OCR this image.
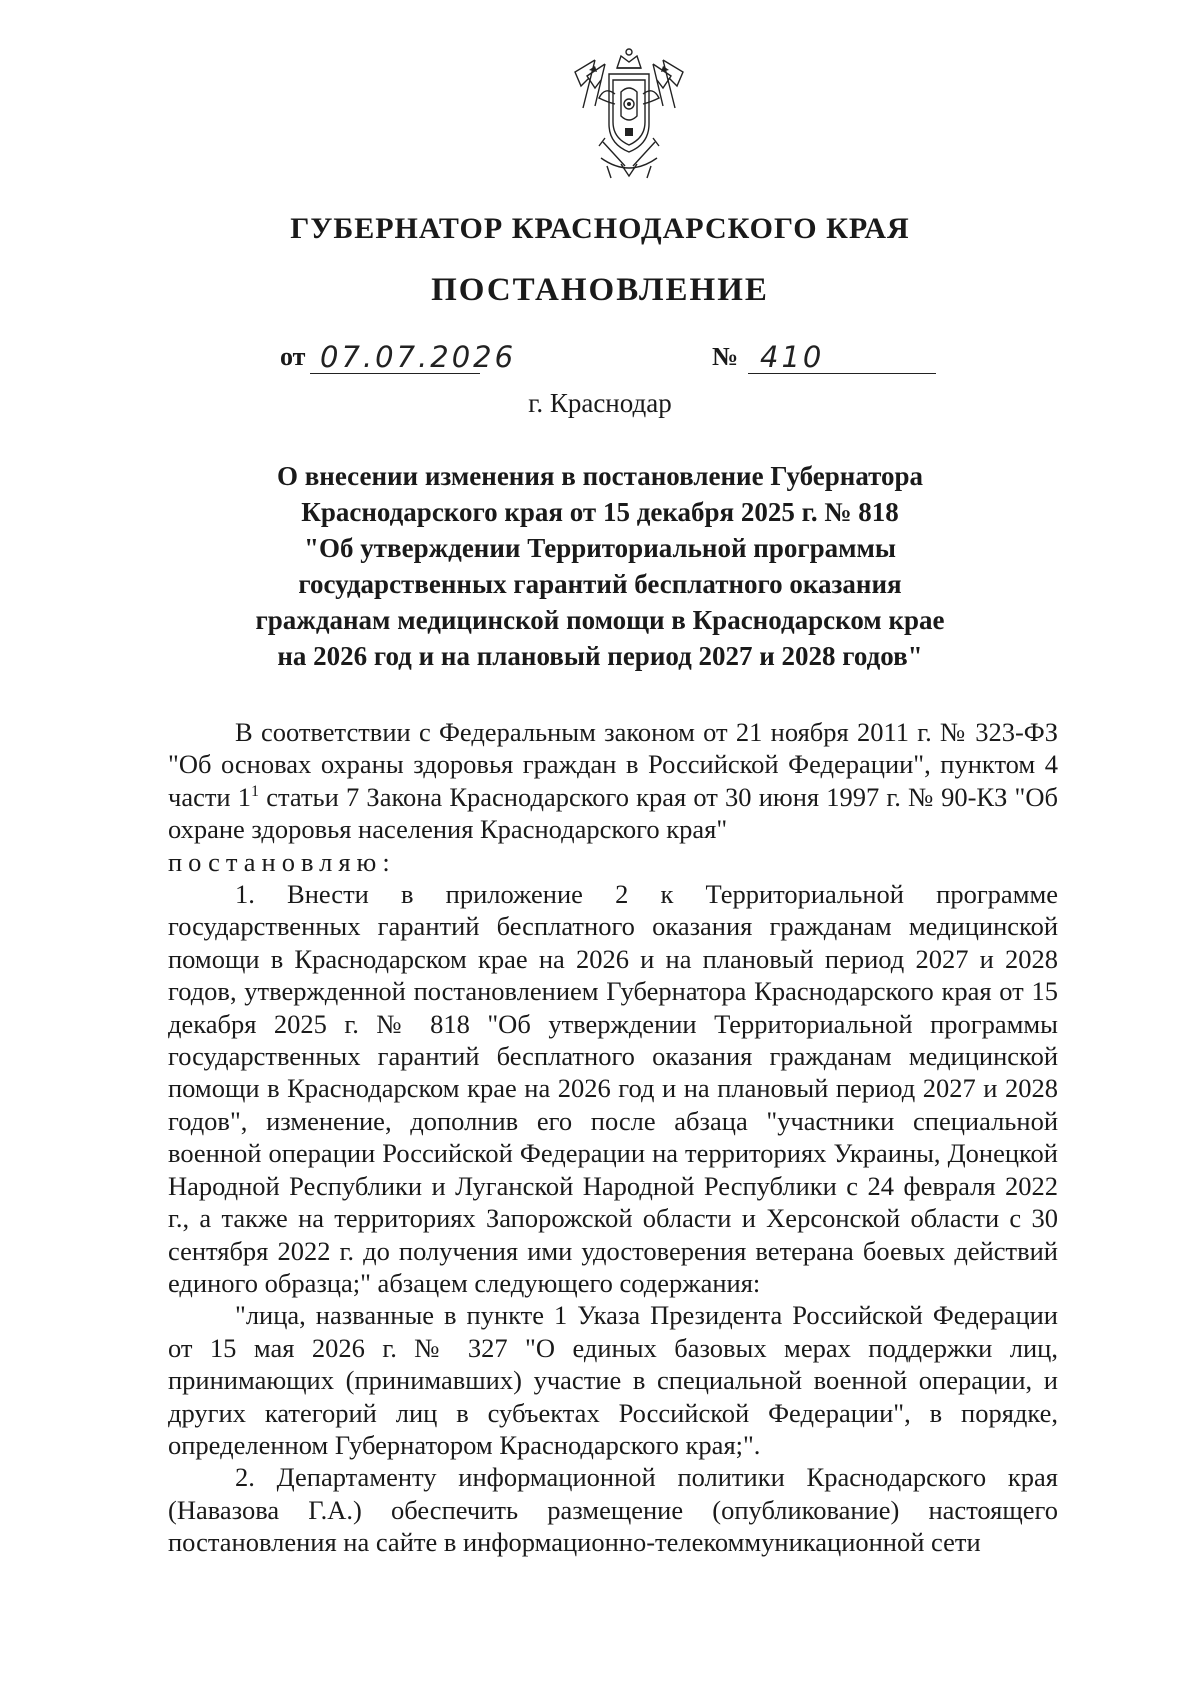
ГУБЕРНАТОР КРАСНОДАРСКОГО КРАЯ
ПОСТАНОВЛЕНИЕ
от 07.07.2026	№ 410
г. Краснодар
О внесении изменения в постановление Губернатора
Краснодарского края от 15 декабря 2025 г. № 818
"Об утверждении Территориальной программы
государственных гарантий бесплатного оказания
гражданам медицинской помощи в Краснодарском крае
на 2026 год и на плановый период 2027 и 2028 годов"

В соответствии с Федеральным законом от 21 ноября 2011 г. № 323-ФЗ "Об основах охраны здоровья граждан в Российской Федерации", пунктом 4 части $1^1$ статьи 7 Закона Краснодарского края от 30 июня 1997 г. № 90-КЗ "Об охране здоровья населения Краснодарского края"

постановляю:

1. Внести в приложение 2 к Территориальной программе государственных гарантий бесплатного оказания гражданам медицинской помощи в Краснодарском крае на 2026 и на плановый период 2027 и 2028 годов, утвержденной постановлением Губернатора Краснодарского края от 15 декабря 2025 г. № 818 "Об утверждении Территориальной программы государственных гарантий бесплатного оказания гражданам медицинской помощи в Краснодарском крае на 2026 год и на плановый период 2027 и 2028 годов", изменение, дополнив его после абзаца "участники специальной военной операции Российской Федерации на территориях Украины, Донецкой Народной Республики и Луганской Народной Республики с 24 февраля 2022 г., а также на территориях Запорожской области и Херсонской области с 30 сентября 2022 г. до получения ими удостоверения ветерана боевых действий единого образца;" абзацем следующего содержания:

"лица, названные в пункте 1 Указа Президента Российской Федерации от 15 мая 2026 г. № 327 "О единых базовых мерах поддержки лиц, принимающих (принимавших) участие в специальной военной операции, и других категорий лиц в субъектах Российской Федерации", в порядке, определенном Губернатором Краснодарского края;".

2. Департаменту информационной политики Краснодарского края (Навазова Г.А.) обеспечить размещение (опубликование) настоящего постановления на сайте в информационно-телекоммуникационной сети
